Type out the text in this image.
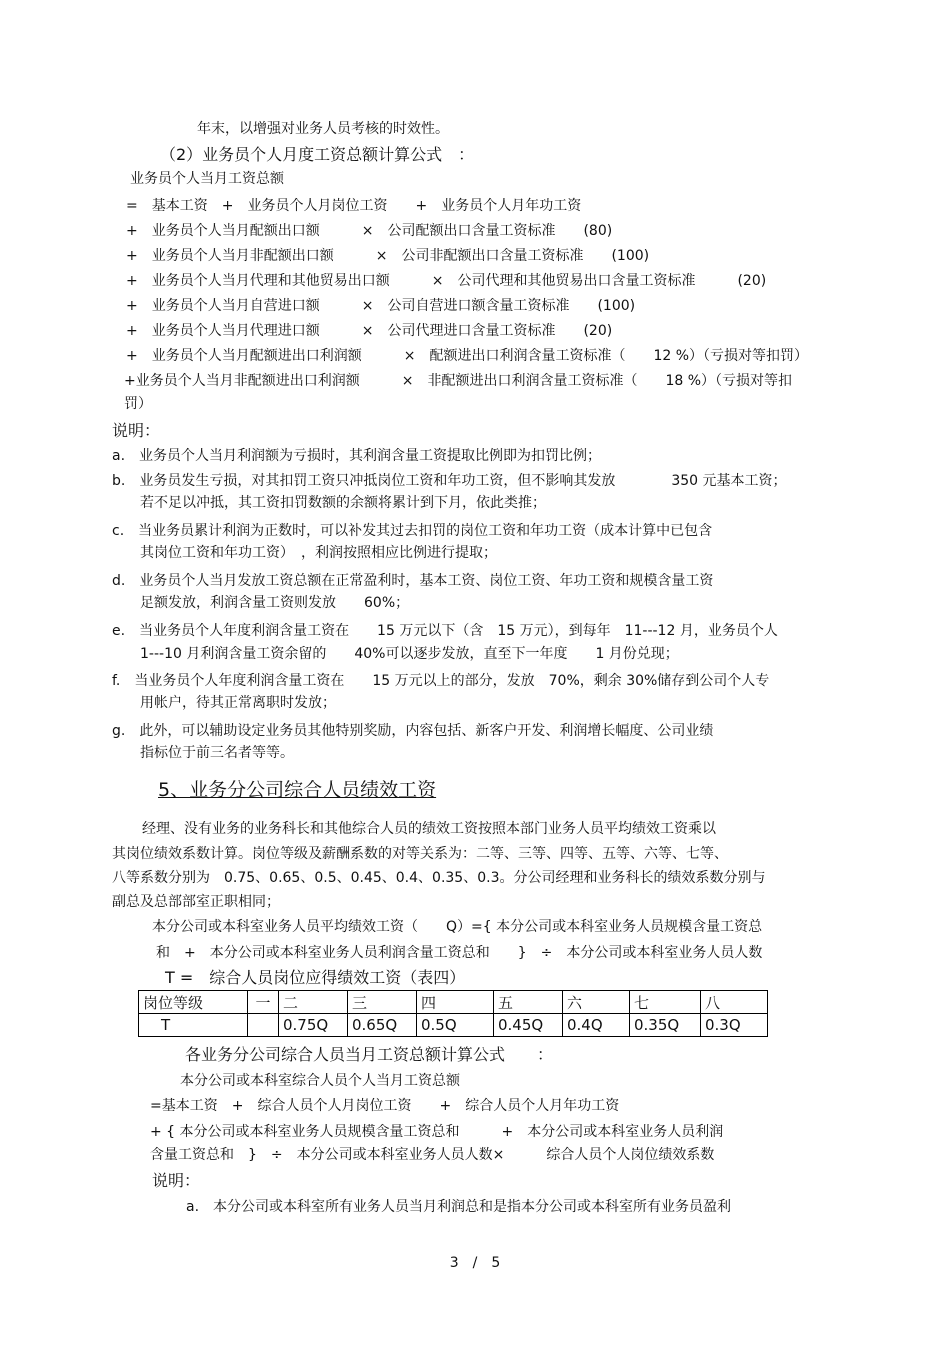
年末，以增强对业务人员考核的时效性。
（2）业务员个人月度工资总额计算公式　：
业务员个人当月工资总额
=　基本工资　+　业务员个人月岗位工资　　+　业务员个人月年功工资
+　业务员个人当月配额出口额　　　×　公司配额出口含量工资标准　　(80)
+　业务员个人当月非配额出口额　　　×　公司非配额出口含量工资标准　　(100)
+　业务员个人当月代理和其他贸易出口额　　　×　公司代理和其他贸易出口含量工资标准　　　(20)
+　业务员个人当月自营进口额　　　×　公司自营进口额含量工资标准　　(100)
+　业务员个人当月代理进口额　　　×　公司代理进口含量工资标准　　(20)
+　业务员个人当月配额进出口利润额　　　×　配额进出口利润含量工资标准（　　12 %）（亏损对等扣罚）
+业务员个人当月非配额进出口利润额　　　×　非配额进出口利润含量工资标准（　　18 %）（亏损对等扣
罚）
说明：
a.　业务员个人当月利润额为亏损时，其利润含量工资提取比例即为扣罚比例；
b.　业务员发生亏损，对其扣罚工资只冲抵岗位工资和年功工资，但不影响其发放　　　　350 元基本工资；
若不足以冲抵，其工资扣罚数额的余额将累计到下月，依此类推；
c.　当业务员累计利润为正数时，可以补发其过去扣罚的岗位工资和年功工资（成本计算中已包含
其岗位工资和年功工资）　，利润按照相应比例进行提取；
d.　业务员个人当月发放工资总额在正常盈利时，基本工资、岗位工资、年功工资和规模含量工资
足额发放，利润含量工资则发放　　60%；
e.　当业务员个人年度利润含量工资在　　15 万元以下（含　15 万元），到每年　11---12 月，业务员个人
1---10 月利润含量工资余留的　　40%可以逐步发放，直至下一年度　　1 月份兑现；
f.　当业务员个人年度利润含量工资在　　15 万元以上的部分，发放　70%，剩余 30%储存到公司个人专
用帐户，待其正常离职时发放；
g.　此外，可以辅助设定业务员其他特别奖励，内容包括、新客户开发、利润增长幅度、公司业绩
指标位于前三名者等等。
5、业务分公司综合人员绩效工资
经理、没有业务的业务科长和其他综合人员的绩效工资按照本部门业务人员平均绩效工资乘以
其岗位绩效系数计算。岗位等级及薪酬系数的对等关系为：二等、三等、四等、五等、六等、七等、
八等系数分别为　0.75、0.65、0.5、0.45、0.4、0.35、0.3。分公司经理和业务科长的绩效系数分别与
副总及总部部室正职相同；
本分公司或本科室业务人员平均绩效工资（　　Q）={ 本分公司或本科室业务人员规模含量工资总
和　+　本分公司或本科室业务人员利润含量工资总和　　}　÷　本分公司或本科室业务人员人数
T =　综合人员岗位应得绩效工资（表四）
岗位等级	一	二	三	四	五	六	七	八
T		0.75Q	0.65Q	0.5Q	0.45Q	0.4Q	0.35Q	0.3Q
各业务分公司综合人员当月工资总额计算公式　　：
本分公司或本科室综合人员个人当月工资总额
=基本工资　+　综合人员个人月岗位工资　　+　综合人员个人月年功工资
+ { 本分公司或本科室业务人员规模含量工资总和　　　+　本分公司或本科室业务人员利润
含量工资总和　}　÷　本分公司或本科室业务人员人数×　　　综合人员个人岗位绩效系数
说明：
a.　本分公司或本科室所有业务人员当月利润总和是指本分公司或本科室所有业务员盈利
3　/　5
